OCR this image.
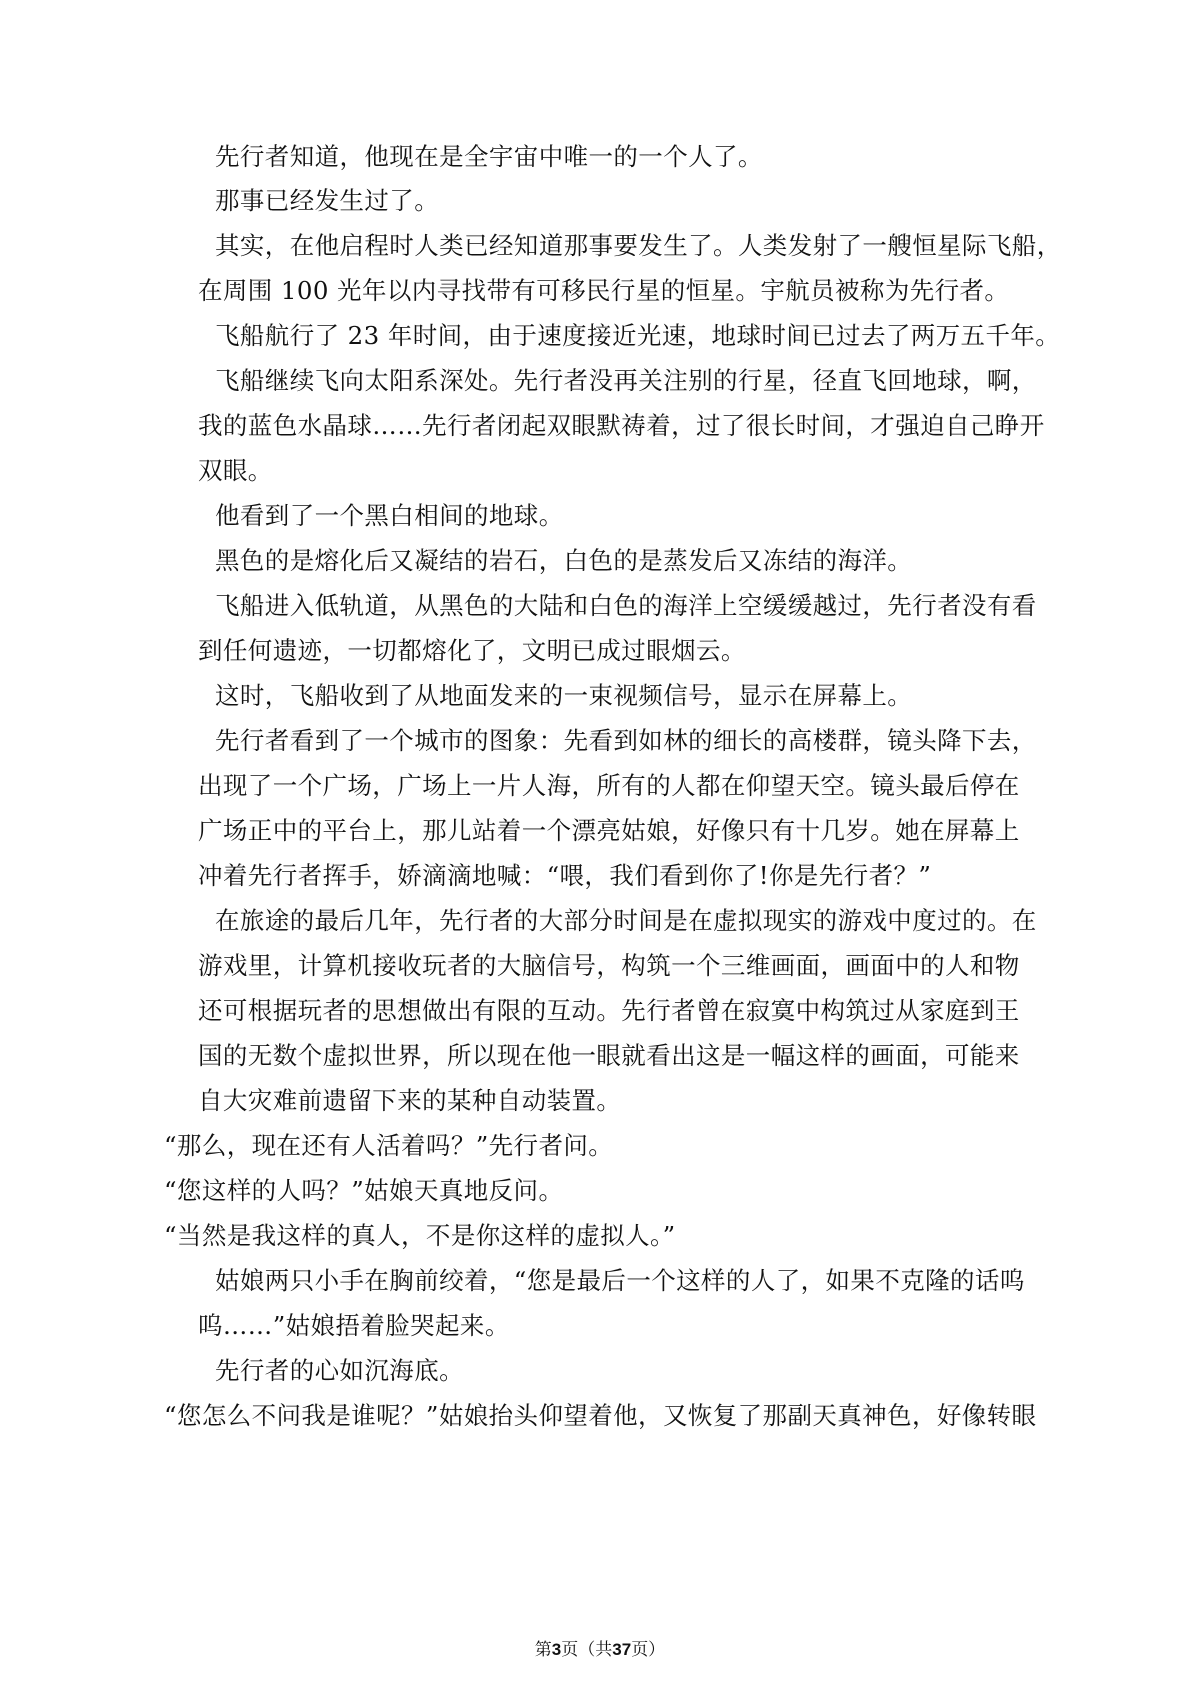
先行者知道，他现在是全宇宙中唯一的一个人了。
那事已经发生过了。
其实，在他启程时人类已经知道那事要发生了。人类发射了一艘恒星际飞船，
在周围 100 光年以内寻找带有可移民行星的恒星。宇航员被称为先行者。
飞船航行了 23 年时间，由于速度接近光速，地球时间已过去了两万五千年。
飞船继续飞向太阳系深处。先行者没再关注别的行星，径直飞回地球，啊，
我的蓝色水晶球……先行者闭起双眼默祷着，过了很长时间，才强迫自己睁开
双眼。
他看到了一个黑白相间的地球。
黑色的是熔化后又凝结的岩石，白色的是蒸发后又冻结的海洋。
飞船进入低轨道，从黑色的大陆和白色的海洋上空缓缓越过，先行者没有看
到任何遗迹，一切都熔化了，文明已成过眼烟云。
这时，飞船收到了从地面发来的一束视频信号，显示在屏幕上。
先行者看到了一个城市的图象：先看到如林的细长的高楼群，镜头降下去，
出现了一个广场，广场上一片人海，所有的人都在仰望天空。镜头最后停在
广场正中的平台上，那儿站着一个漂亮姑娘，好像只有十几岁。她在屏幕上
冲着先行者挥手，娇滴滴地喊：“喂，我们看到你了!你是先行者？”
在旅途的最后几年，先行者的大部分时间是在虚拟现实的游戏中度过的。在
游戏里，计算机接收玩者的大脑信号，构筑一个三维画面，画面中的人和物
还可根据玩者的思想做出有限的互动。先行者曾在寂寞中构筑过从家庭到王
国的无数个虚拟世界，所以现在他一眼就看出这是一幅这样的画面，可能来
自大灾难前遗留下来的某种自动装置。
“那么，现在还有人活着吗？”先行者问。
“您这样的人吗？”姑娘天真地反问。
“当然是我这样的真人，不是你这样的虚拟人。”
姑娘两只小手在胸前绞着，“您是最后一个这样的人了，如果不克隆的话呜
呜……”姑娘捂着脸哭起来。
先行者的心如沉海底。
“您怎么不问我是谁呢？”姑娘抬头仰望着他，又恢复了那副天真神色，好像转眼
第3页（共37页）
